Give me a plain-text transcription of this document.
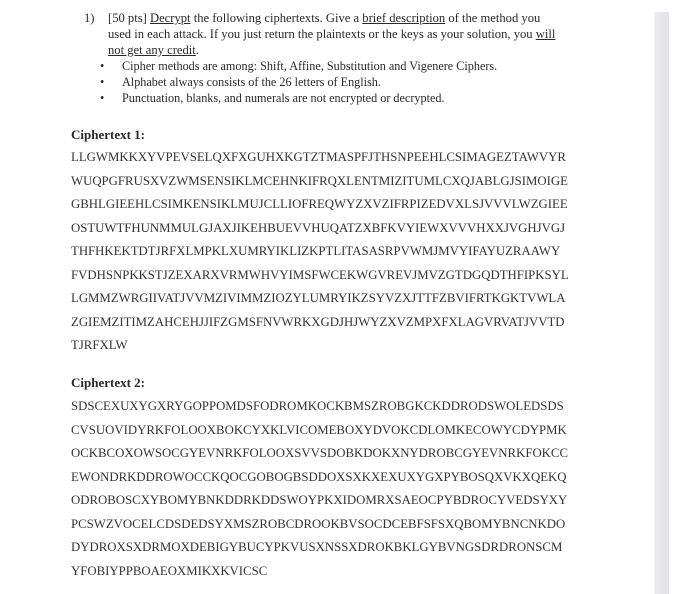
1) [50 pts] Decrypt the following ciphertexts. Give a brief description of the method you used in each attack. If you just return the plaintexts or the keys as your solution, you will not get any credit.
• Cipher methods are among: Shift, Affine, Substitution and Vigenere Ciphers.
• Alphabet always consists of the 26 letters of English.
• Punctuation, blanks, and numerals are not encrypted or decrypted.
Ciphertext 1:
LLGWMKKXYVPEVSELQXFXGUHXKGTZTMASPFJTHSNPEEHLCSIMAGEZTAWVYR
WUQPGFRUSXVZWMSENSIKLMCEHNKIFRQXLENTMIZITUMLCXQJABLGJSIMOIGE
GBHLGIEEHLCSIMKENSIKLMUJCLLIOFREQWYZXVZIFRPIZEDVXLSJVVVLWZGIEE
OSTUWTFHUNMMULGJAXJIKEHBUEVVHUQATZXBFKVYIEWXVVVHXXJVGHJVGJ
THFHKEKTDTJRFXLMPKLXUMRYIKLIZKPTLITASASRPVWMJMVYIFAYUZRAAWY
FVDHSNPKKSTJZEXARXVRMWHVYIMSFWCEKWGVREVJMVZGTDGQDTHFIPKSYL
LGMMZWRGIIVATJVVMZIVIMMZIOZYLUMRYIKZSYVZXJTTFZBVIFRTKGKTVWLA
ZGIEMZITIMZAHCEHJJIFZGMSFNVWRKXGDJHJWYZXVZMPXFXLAGVRVATJVVTD
TJRFXLW
Ciphertext 2:
SDSCEXUXYGXRYGOPPOMDSFODROMKOCKBMSZROBGKCKDDRODSWOLEDSDS
CVSUOVIDYRKFOLOOXBOKCYXKLVICOMEBOXYDVOKCDLOMKECOWYCDYPMK
OCKBCOXOWSOCGYEVNRKFOLOOXSVVSDOBKDOKXNYDROBCGYEVNRKFOKCC
EWONDRKDDROWOCCKQOCGOBOGBSDDOXSXKXEXUXYGXPYBOSQXVKXQEKQ
ODROBOSCXYBOMYBNKDDRKDDSWOYPKXIDOMRXSAEOCPYBDROCYVEDSYXY
PCSWZVOCELCDSDEDSYXMSZROBCDROOKBVSOCDCEBFSFSXQBOMYBNCNKDO
DYDROXSXDRMOXDEBIGYBUCYPKVUSXNSSXDROKBKLGYBVNGSDRDRONSCM
YFOBIYPPBOAEOXMIKXKVICSC
